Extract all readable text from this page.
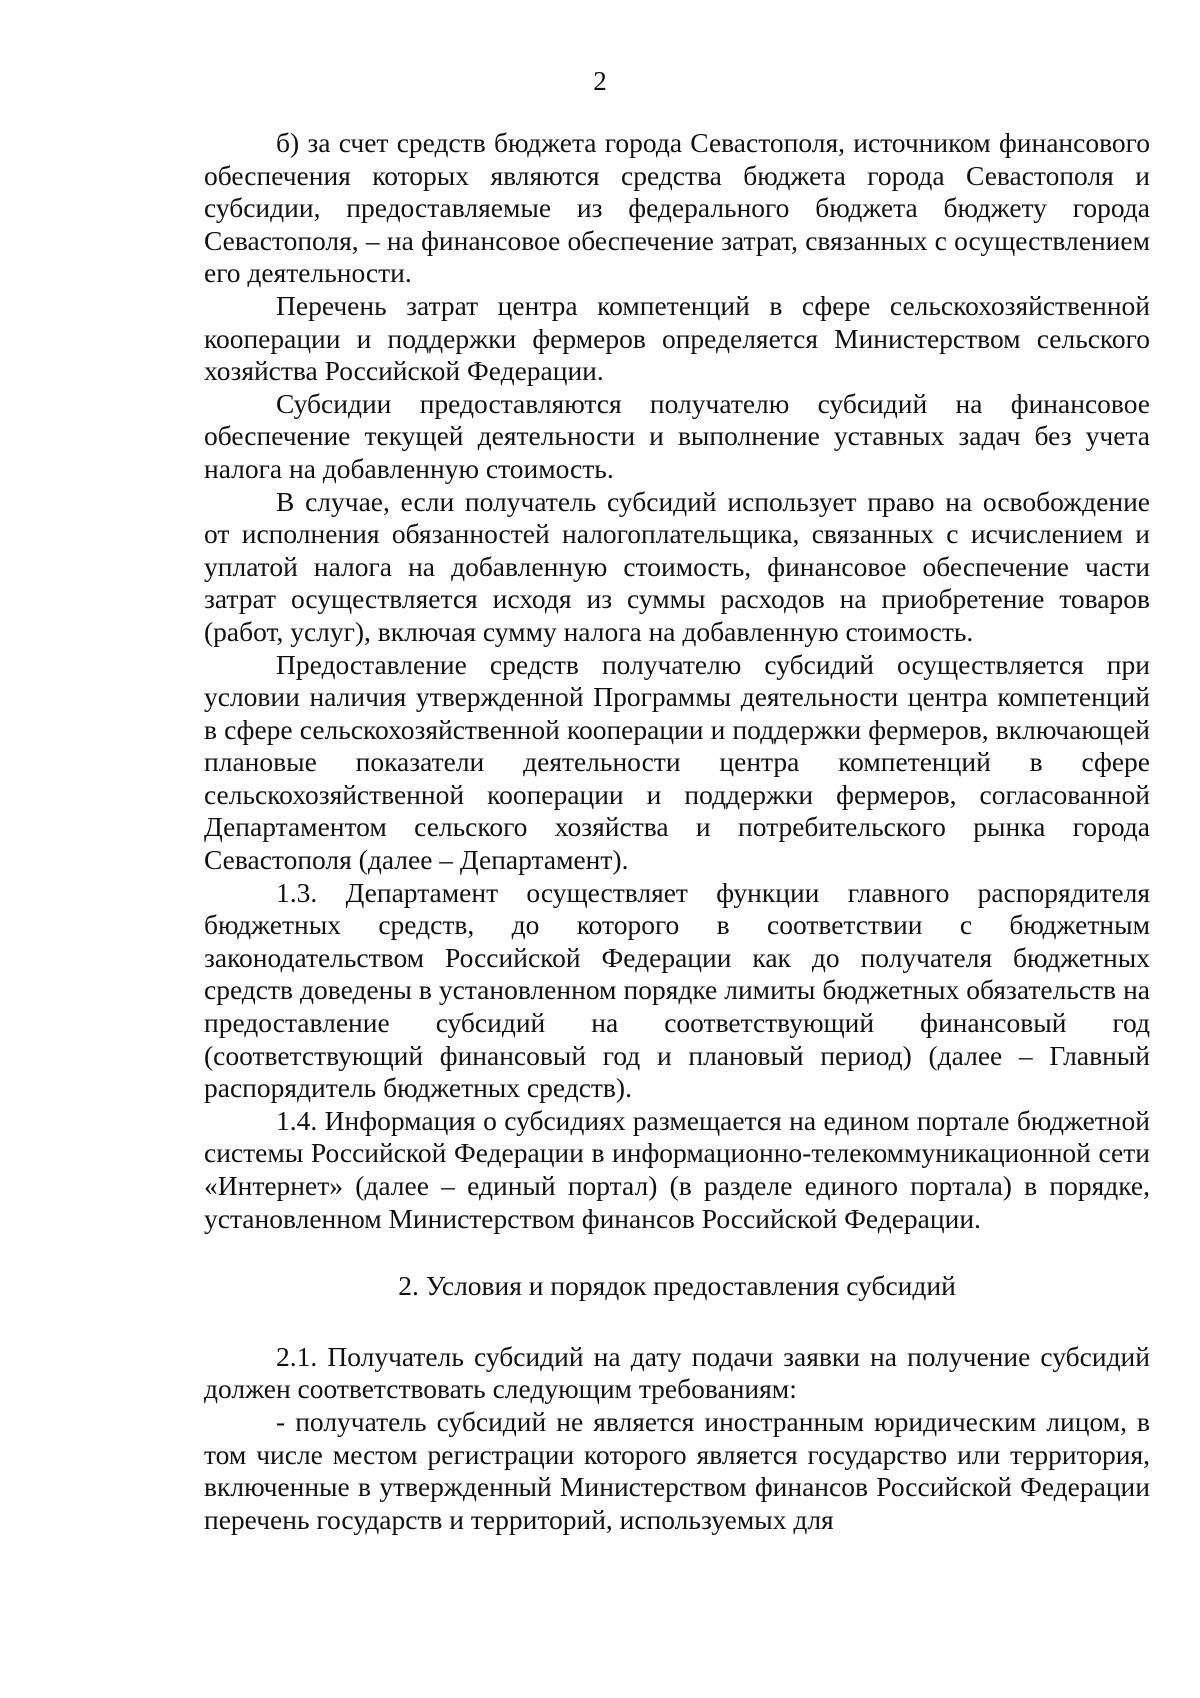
2

б) за счет средств бюджета города Севастополя, источником финансового обеспечения которых являются средства бюджета города Севастополя и субсидии, предоставляемые из федерального бюджета бюджету города Севастополя, – на финансовое обеспечение затрат, связанных с осуществлением его деятельности.

Перечень затрат центра компетенций в сфере сельскохозяйственной кооперации и поддержки фермеров определяется Министерством сельского хозяйства Российской Федерации.

Субсидии предоставляются получателю субсидий на финансовое обеспечение текущей деятельности и выполнение уставных задач без учета налога на добавленную стоимость.

В случае, если получатель субсидий использует право на освобождение от исполнения обязанностей налогоплательщика, связанных с исчислением и уплатой налога на добавленную стоимость, финансовое обеспечение части затрат осуществляется исходя из суммы расходов на приобретение товаров (работ, услуг), включая сумму налога на добавленную стоимость.

Предоставление средств получателю субсидий осуществляется при условии наличия утвержденной Программы деятельности центра компетенций в сфере сельскохозяйственной кооперации и поддержки фермеров, включающей плановые показатели деятельности центра компетенций в сфере сельскохозяйственной кооперации и поддержки фермеров, согласованной Департаментом сельского хозяйства и потребительского рынка города Севастополя (далее – Департамент).

1.3. Департамент осуществляет функции главного распорядителя бюджетных средств, до которого в соответствии с бюджетным законодательством Российской Федерации как до получателя бюджетных средств доведены в установленном порядке лимиты бюджетных обязательств на предоставление субсидий на соответствующий финансовый год (соответствующий финансовый год и плановый период) (далее – Главный распорядитель бюджетных средств).

1.4. Информация о субсидиях размещается на едином портале бюджетной системы Российской Федерации в информационно-телекоммуникационной сети «Интернет» (далее – единый портал) (в разделе единого портала) в порядке, установленном Министерством финансов Российской Федерации.

2. Условия и порядок предоставления субсидий

2.1. Получатель субсидий на дату подачи заявки на получение субсидий должен соответствовать следующим требованиям:

- получатель субсидий не является иностранным юридическим лицом, в том числе местом регистрации которого является государство или территория, включенные в утвержденный Министерством финансов Российской Федерации перечень государств и территорий, используемых для
